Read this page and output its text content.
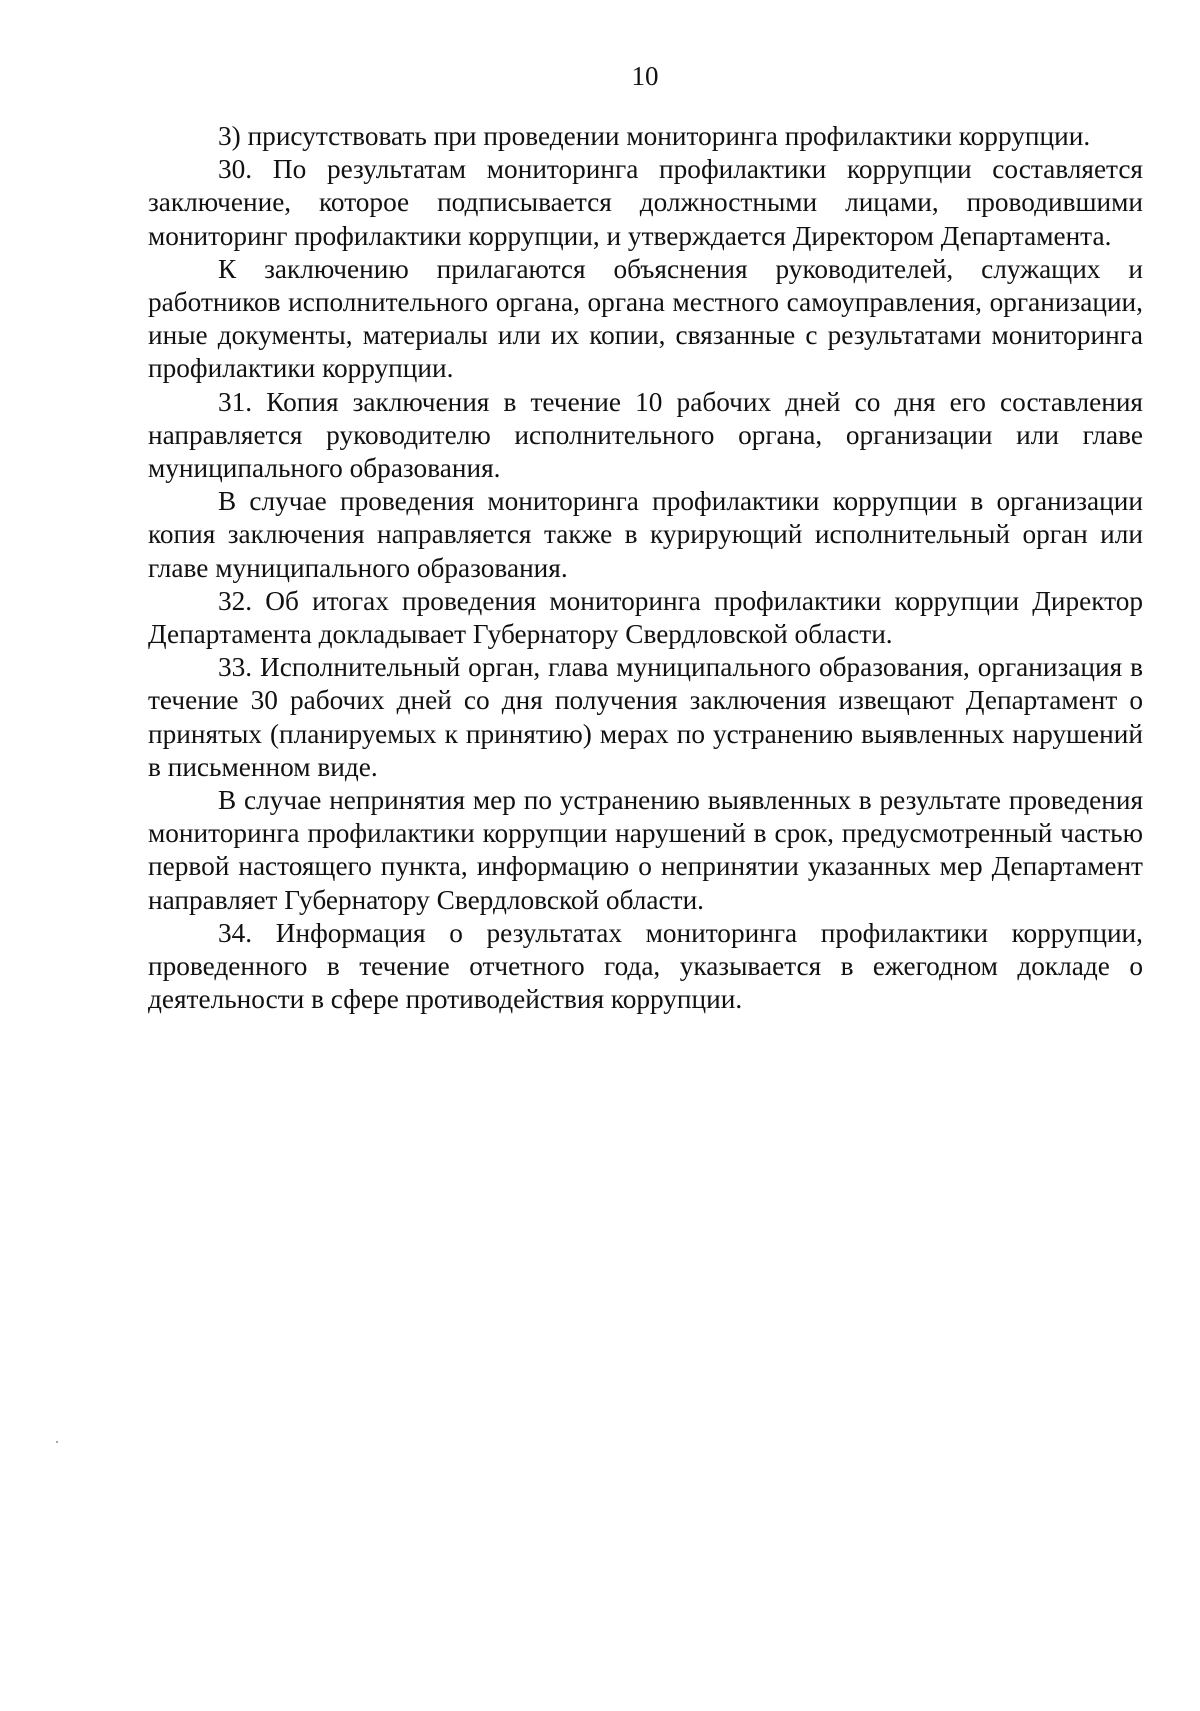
10

3) присутствовать при проведении мониторинга профилактики коррупции.

30. По результатам мониторинга профилактики коррупции составляется заключение, которое подписывается должностными лицами, проводившими мониторинг профилактики коррупции, и утверждается Директором Департамента.

К заключению прилагаются объяснения руководителей, служащих и работников исполнительного органа, органа местного самоуправления, организации, иные документы, материалы или их копии, связанные с результатами мониторинга профилактики коррупции.

31. Копия заключения в течение 10 рабочих дней со дня его составления направляется руководителю исполнительного органа, организации или главе муниципального образования.

В случае проведения мониторинга профилактики коррупции в организации копия заключения направляется также в курирующий исполнительный орган или главе муниципального образования.

32. Об итогах проведения мониторинга профилактики коррупции Директор Департамента докладывает Губернатору Свердловской области.

33. Исполнительный орган, глава муниципального образования, организация в течение 30 рабочих дней со дня получения заключения извещают Департамент о принятых (планируемых к принятию) мерах по устранению выявленных нарушений в письменном виде.

В случае непринятия мер по устранению выявленных в результате проведения мониторинга профилактики коррупции нарушений в срок, предусмотренный частью первой настоящего пункта, информацию о непринятии указанных мер Департамент направляет Губернатору Свердловской области.

34. Информация о результатах мониторинга профилактики коррупции, проведенного в течение отчетного года, указывается в ежегодном докладе о деятельности в сфере противодействия коррупции.
